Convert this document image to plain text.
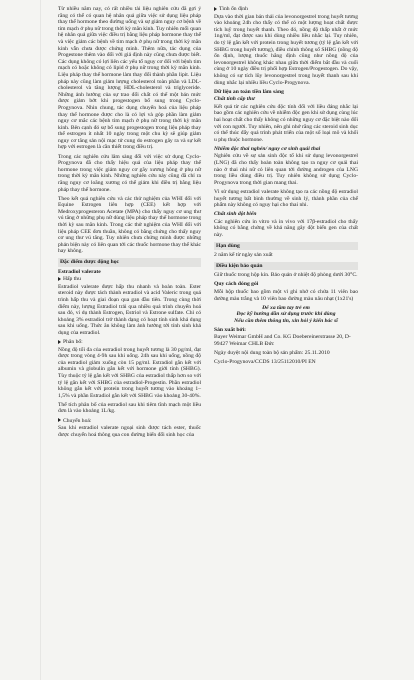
Từ nhiều năm nay, có rất nhiều tài liệu nghiên cứu đã gợi ý rằng có thể có quan hệ nhân quả giữa việc sử dụng liệu pháp thay thế hormone theo đường uống và sự giảm nguy cơ bệnh về tim mạch ở phụ nữ trong thời kỳ mãn kinh. Tuy nhiên mối quan hệ nhân quả giữa việc điều trị bằng liệu pháp hormone thay thế và việc giảm các bệnh về tim mạch ở phụ nữ trong thời kỳ mãn kinh vẫn chưa được chứng minh. Thêm nữa, tác dụng của Progestone thêm vào đối với giả định này cũng chưa được biết. Các dụng không có lợi liên các yếu tố nguy cơ đối với bệnh tim mạch có hoặc không có lipid ở phụ nữ trong thời kỳ mãn kinh. Liệu pháp thay thế hormone làm thay đổi thành phần lipit. Liệu pháp này cũng làm giảm lượng cholesterol toàn phần và LDL-cholesterol và tăng lượng HDL-cholesterol và triglyceride. Những ảnh hưởng của sự trao đổi chất có thể một bán mức được giảm bớt khi progestogen bổ sung trong Cyclo-Progynova. Nhìn chung, tác dụng chuyển hoá của liệu pháp thay thế hormone được cho là có lợi và góp phần làm giảm nguy cơ mắc các bệnh tim mạch ở phụ nữ trong thời kỳ mãn kinh. Bên cạnh đó sự bổ sung progestogen trong liệu pháp thay thế estrogen ít nhất 10 ngày trong một chu kỳ sẽ giúp giảm nguy cơ tăng sản nội mạc tử cung do estrogen gây ra và sự kết hợp với estrogen là cần thiết trong điều trị.

Trong các nghiên cứu lâm sàng đối với việc sử dụng Cyclo-Progynova đã cho thấy hiệu quả của liệu pháp thay thế hormone trong việc giảm nguy cơ gãy xương hông ở phụ nữ trong thời kỳ mãn kinh. Những nghiên cứu này cũng đã chỉ ra rằng nguy cơ loãng xương có thể giảm khi điều trị bằng liệu pháp thay thế hormone.

Theo kết quả nghiên cứu và các thử nghiệm của WHI đối với Equine Estrogen liên hợp (CEE) kết hợp với Medroxyprogesteron Acetate (MPA) cho thấy nguy cơ ung thư vú tăng ở những phụ nữ dùng liệu pháp thay thế hormone trong thời kỳ sau mãn kinh. Trong các thử nghiệm của WHI đối với liệu pháp CEE đơn thuần, không có bằng chứng cho thấy nguy cơ ung thư vú tăng. Tuy nhiên chưa chứng minh được những phản biện này có liên quan tới các thuốc hormone thay thế khác hay không.

Đặc điểm dược động học
Estradiol valerate
Hấp thu

Estradiol valerate được hấp thu nhanh và hoàn toàn. Ester steroid này được tách thành estradiol và acid Valeric trong quá trình hấp thu và giai đoạn qua gan đầu tiên. Trong cùng thời điểm này, lượng Estradiol trải qua nhiều quá trình chuyển hoá sau đó, ví dụ thành Estrogen, Estriol và Estrone sulfate. Chỉ có khoảng 3% estradiol trở thành dạng có hoạt tính sinh khả dụng sau khi uống. Thức ăn không làm ảnh hưởng tới tính sinh khả dụng của estradiol.

Phân bố:

Nồng độ tối đa của estradiol trong huyết tương là 30 pg/ml, đạt được trong vòng 4-9h sau khi uống. 24h sau khi uống, nồng độ của estradiol giảm xuống còn 15 pg/ml. Estradiol gắn kết với albumin và globulin gắn kết với hormone giới tính (SHBG). Tùy thuộc tỷ lệ gắn kết với SHBG của estradiol thấp hơn so với tỷ lệ gắn kết với SHBG của estradiol-Progestin. Phần estradiol không gắn kết với protein trong huyết tương vào khoảng 1–1,5% và phần Estradiol gắn kết với SHBG vào khoảng 30-40%.

Thể tích phân bố của estradiol sau khi tiêm tĩnh mạch một liều đơn là vào khoảng 1L/kg.

Chuyển hoá:

Sau khi estradiol valerate ngoại sinh được tách ester, thuốc được chuyển hoá thông qua con đường biến đổi sinh học của

Tình ổn định

Dựa vào thời gian bán thải của levonorgestrel trong huyết tương vào khoảng 24h cho thấy có thể có một lượng hoạt chất được tích luỹ trong huyết thanh. Theo đó, nồng độ thấp nhất ở mức 1ng/ml, đạt được sau khi dùng nhiều liều nhắc lại. Tuy nhiên, do tỷ lệ gắn kết với protein trong huyết tương (tỷ lệ gắn kết với SHBG trong huyết tương), điều chỉnh thông số SHBG (nồng độ ổn định, lượng thuốc hằng định cũng như nồng độ của levonorgestrel không khác nhau giữa thời điểm bắt đầu và cuối cùng ở 10 ngày điều trị phối hợp Estrogen/Progestogen. Do vậy, không có sự tích lũy levonorgestrel trong huyết thanh sau khi dùng nhắc lại nhiều liều Cyclo-Progynova.

Dữ liệu an toàn tiền lâm sàng
Chất tính cấp thư

Kết quả từ các nghiên cứu độc tính đối với liều đáng nhắc lại bao gồm các nghiên cứu về nhiễm độc gen khi sử dụng cùng lúc hai hoạt chất cho thấy không có những nguy cơ đặc biệt nào đối với con người. Tuy nhiên, nên ghi nhớ rằng các steroid sinh dục có thể thúc đẩy quá trình phát triển của một số loại mô và khối u phụ thuộc hormone.

Nhiễm độc thai nghén/ nguy cơ sinh quái thai

Nghiên cứu về sự sản sinh độc tố khi sử dụng levonorgestrel (LNG) đã cho thấy hoàn toàn không tạo ra nguy cơ quái thai nào ở thai nhi nữ có liên quan tới đường androgen của LNG trong liều dùng điều trị. Tuy nhiên không sử dụng Cyclo-Progynova trong thời gian mang thai.

Vì sử dụng estradiol valerate không tạo ra các nồng độ estradiol huyết tương bất bình thường về sinh lý, thành phần của chế phẩm này không có nguy hại cho thai nhi.

Chất sinh đột biến

Các nghiên cứu in vitro và in vivo với 17β-estradiol cho thấy không có bằng chứng về khả năng gây đột biến gen của chất này.

Hạn dùng

2 năm kể từ ngày sản xuất

Điều kiện bảo quản

Giữ thuốc trong hộp kín. Bảo quản ở nhiệt độ phòng dưới 30°C.

Quy cách đóng gói

Mỗi hộp thuốc bao gồm một vỉ ghi nhớ có chứa 11 viên bao đường màu trắng và 10 viên bao đường màu nâu nhạt (1x21's)

Để xa tầm tay trẻ em

Đọc kỹ hướng dẫn sử dụng trước khi dùng

Nếu cần thêm thông tin, xin hỏi ý kiến bác sĩ

Sản xuất bởi:

Bayer Weimar GmbH and Co. KG Doebereinerstrasse 20, D-99427 Weimar CHLB Đức

Ngày duyệt nội dung toàn bộ sản phẩm: 25.11.2010

Cyclo-Progynova/CCDS 13/25112010/PI EN
